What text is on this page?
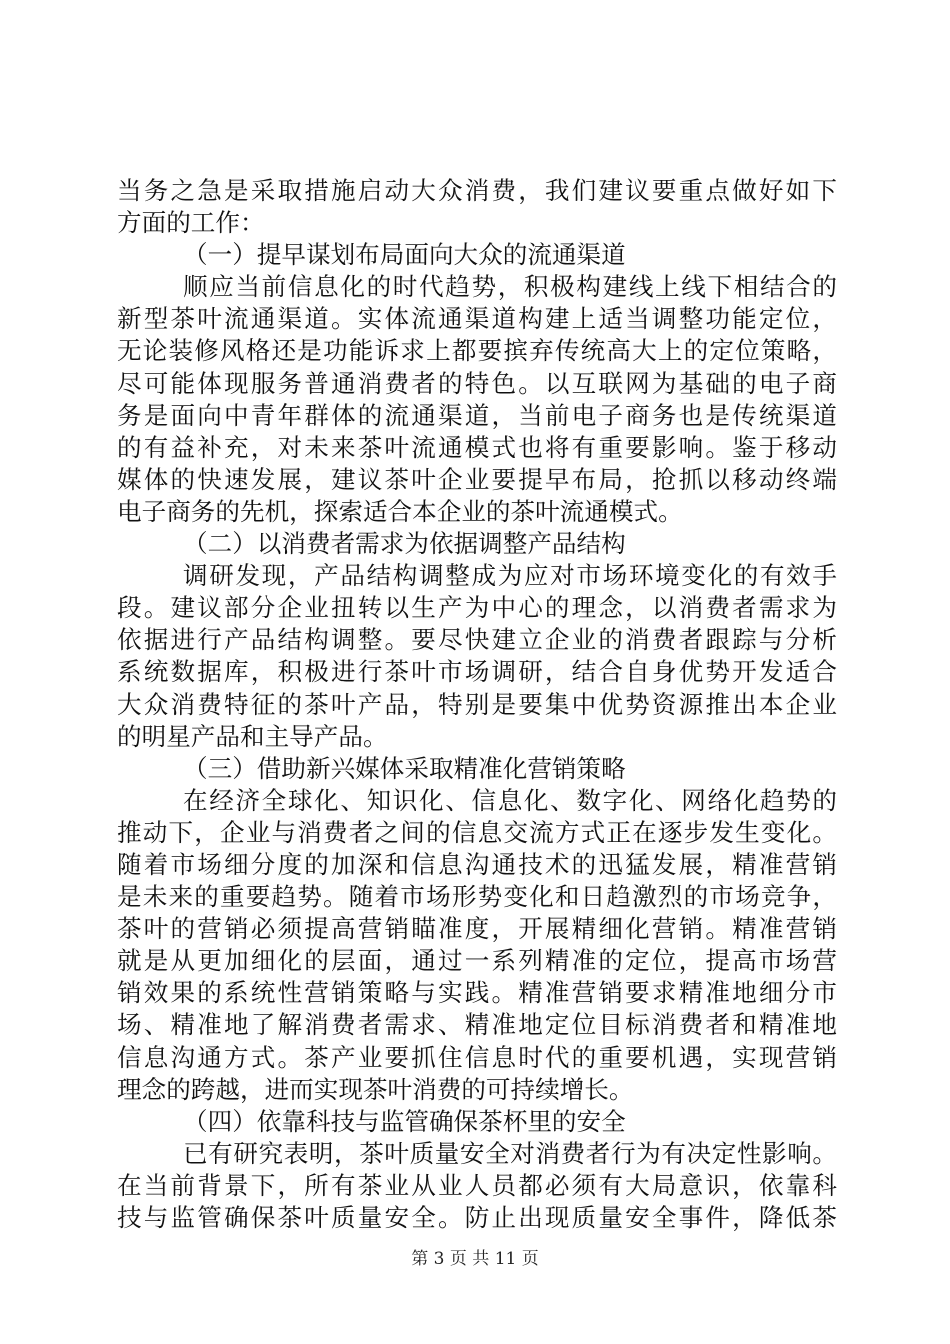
当务之急是采取措施启动大众消费，我们建议要重点做好如下
方面的工作：
（一）提早谋划布局面向大众的流通渠道
顺应当前信息化的时代趋势，积极构建线上线下相结合的
新型茶叶流通渠道。实体流通渠道构建上适当调整功能定位，
无论装修风格还是功能诉求上都要摈弃传统高大上的定位策略，
尽可能体现服务普通消费者的特色。以互联网为基础的电子商
务是面向中青年群体的流通渠道，当前电子商务也是传统渠道
的有益补充，对未来茶叶流通模式也将有重要影响。鉴于移动
媒体的快速发展，建议茶叶企业要提早布局，抢抓以移动终端
电子商务的先机，探索适合本企业的茶叶流通模式。
（二）以消费者需求为依据调整产品结构
调研发现，产品结构调整成为应对市场环境变化的有效手
段。建议部分企业扭转以生产为中心的理念，以消费者需求为
依据进行产品结构调整。要尽快建立企业的消费者跟踪与分析
系统数据库，积极进行茶叶市场调研，结合自身优势开发适合
大众消费特征的茶叶产品，特别是要集中优势资源推出本企业
的明星产品和主导产品。
（三）借助新兴媒体采取精准化营销策略
在经济全球化、知识化、信息化、数字化、网络化趋势的
推动下，企业与消费者之间的信息交流方式正在逐步发生变化。
随着市场细分度的加深和信息沟通技术的迅猛发展，精准营销
是未来的重要趋势。随着市场形势变化和日趋激烈的市场竞争，
茶叶的营销必须提高营销瞄准度，开展精细化营销。精准营销
就是从更加细化的层面，通过一系列精准的定位，提高市场营
销效果的系统性营销策略与实践。精准营销要求精准地细分市
场、精准地了解消费者需求、精准地定位目标消费者和精准地
信息沟通方式。茶产业要抓住信息时代的重要机遇，实现营销
理念的跨越，进而实现茶叶消费的可持续增长。
（四）依靠科技与监管确保茶杯里的安全
已有研究表明，茶叶质量安全对消费者行为有决定性影响。
在当前背景下，所有茶业从业人员都必须有大局意识，依靠科
技与监管确保茶叶质量安全。防止出现质量安全事件，降低茶
第 3 页 共 11 页
